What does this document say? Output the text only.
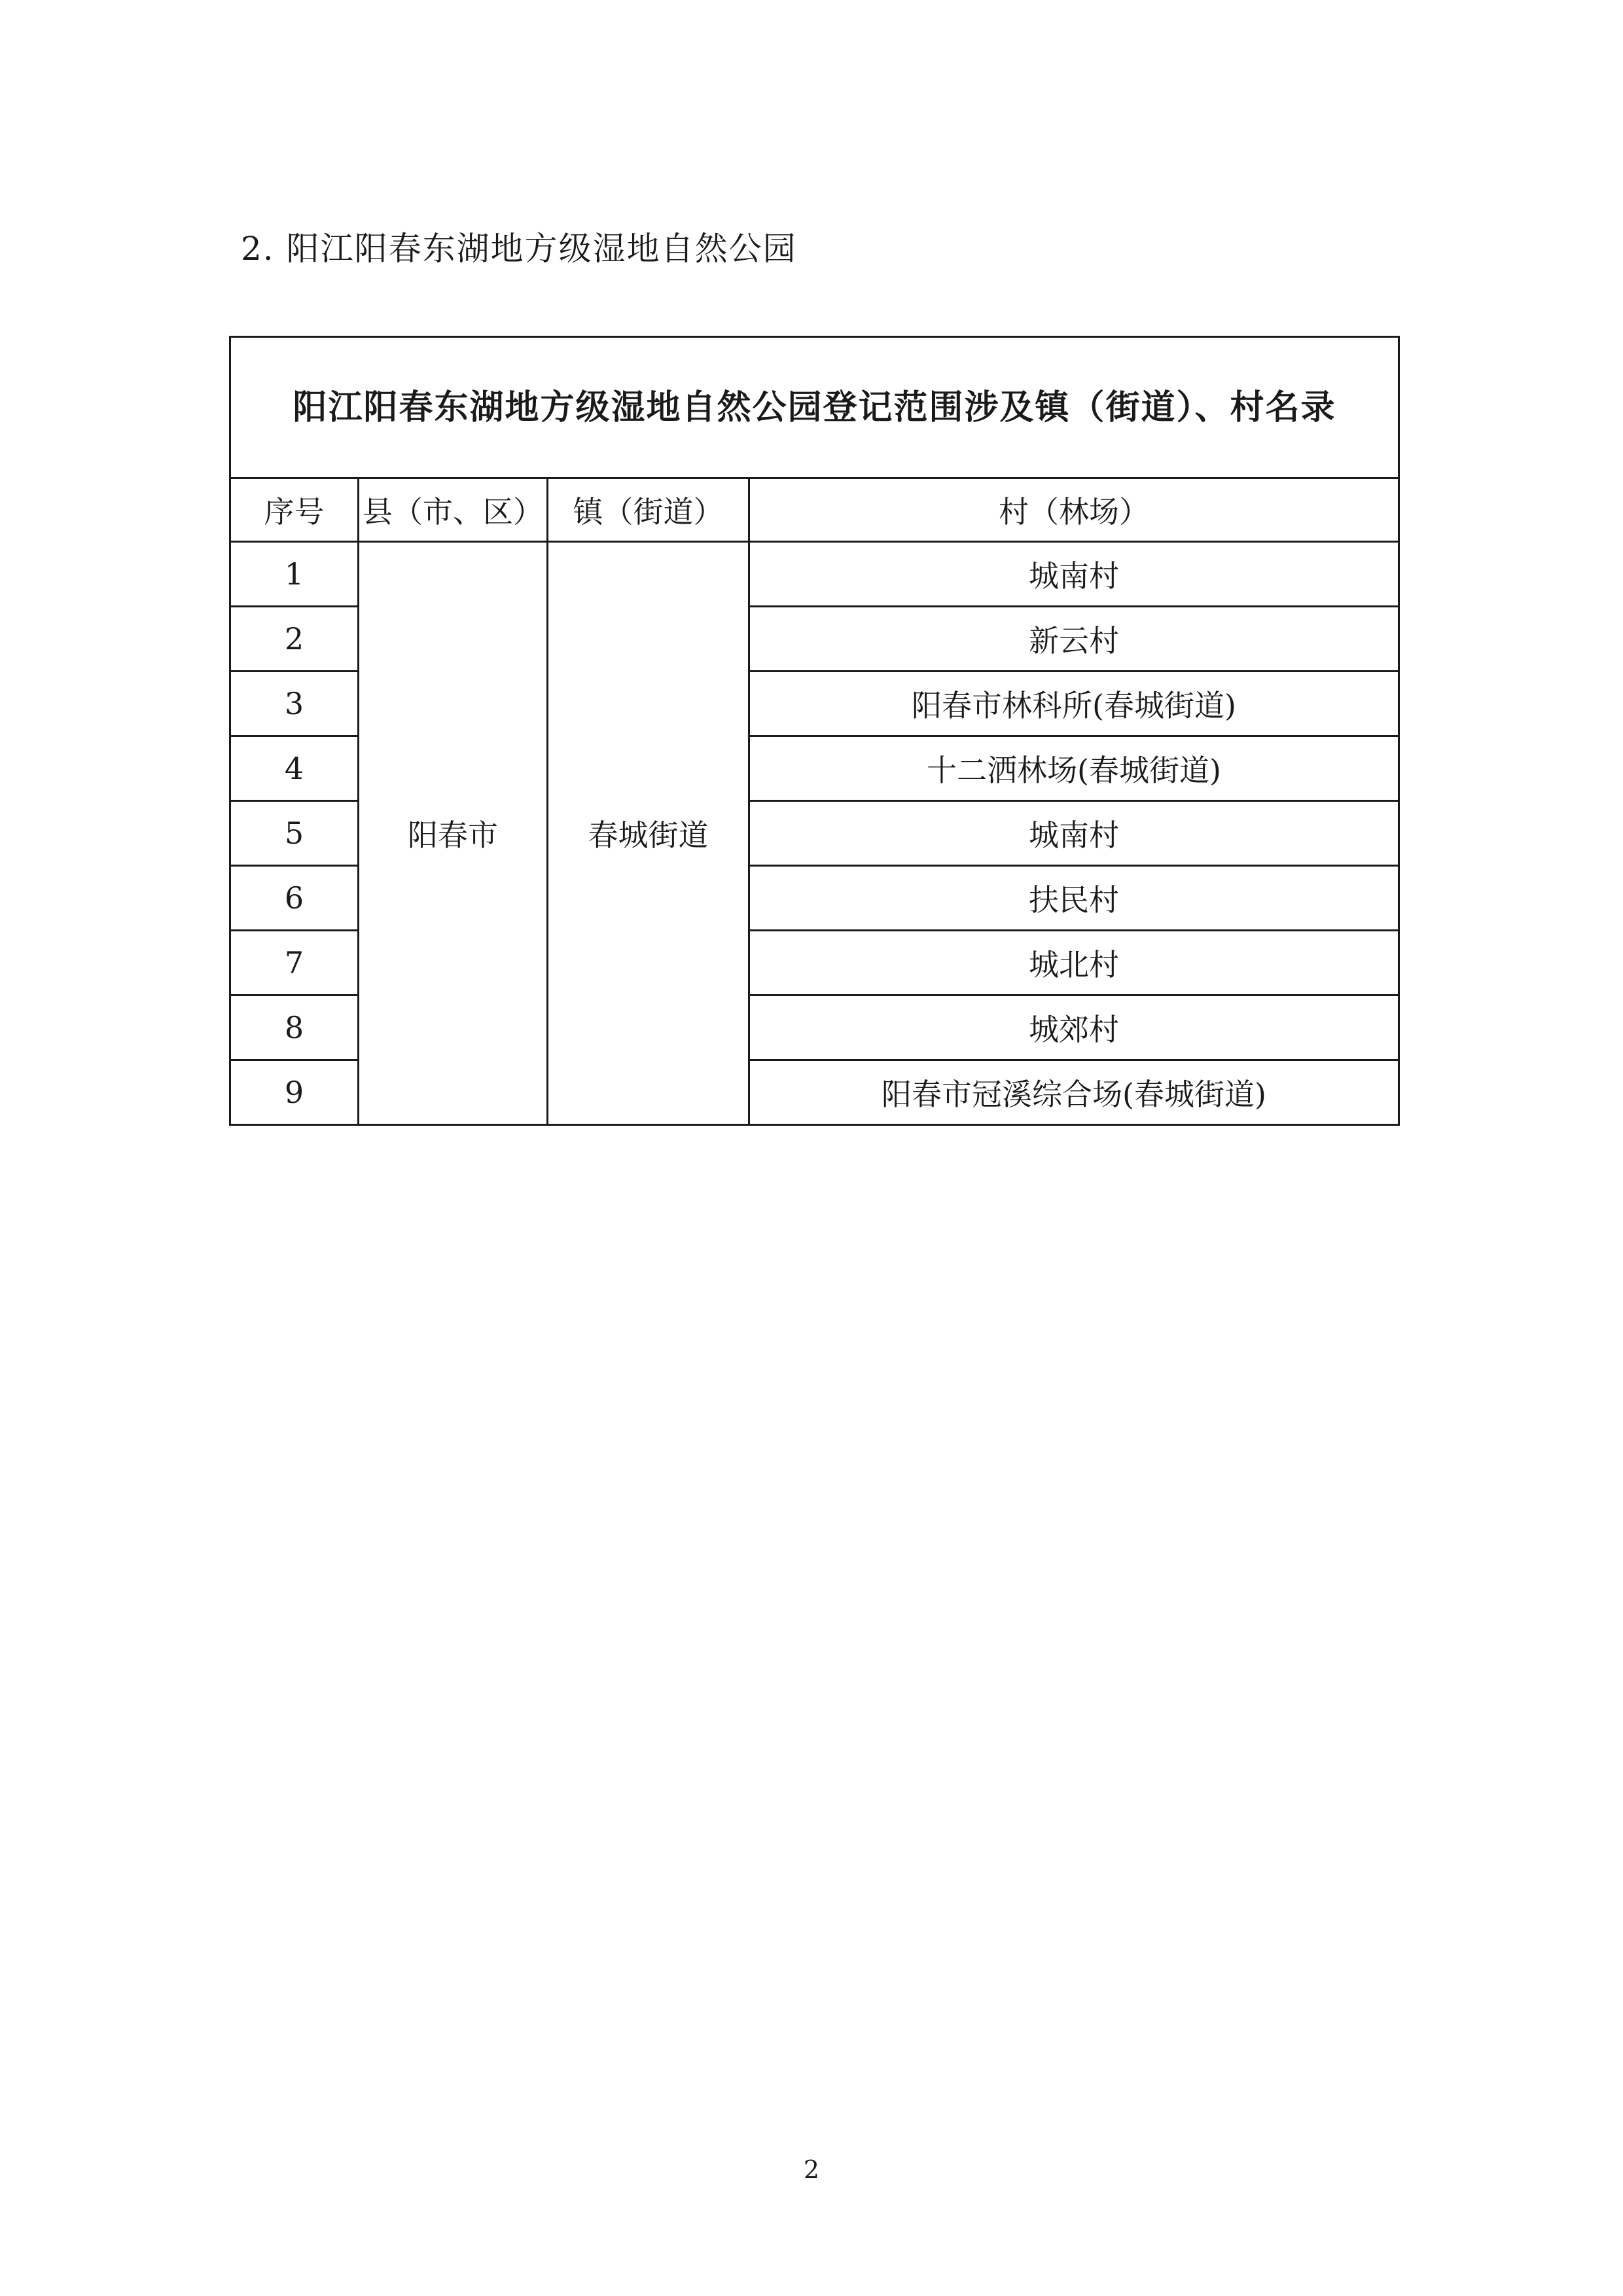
2. 阳江阳春东湖地方级湿地自然公园
阳江阳春东湖地方级湿地自然公园登记范围涉及镇（街道）、村名录			
序号	县（市、区）	镇（街道）	村（林场）
1	阳春市	春城街道	城南村
2			新云村
3			阳春市林科所(春城街道)
4			十二洒林场(春城街道)
5			城南村
6			扶民村
7			城北村
8			城郊村
9			阳春市冠溪综合场(春城街道)
2
